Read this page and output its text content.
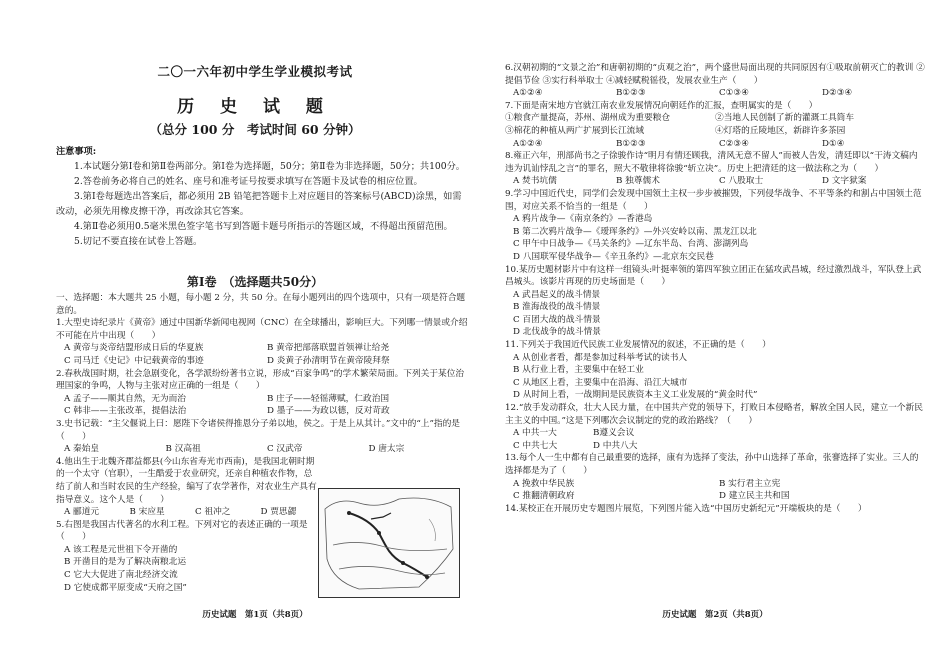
二〇一六年初中学生学业模拟考试
历 史 试 题
（总分 100 分　考试时间 60 分钟）
注意事项:

1.本试题分第Ⅰ卷和第Ⅱ卷两部分。第Ⅰ卷为选择题，50分；第Ⅱ卷为非选择题，50分；共100分。

2.答卷前务必将自己的姓名、座号和准考证号按要求填写在答题卡及试卷的相应位置。

3.第Ⅰ卷每题选出答案后，都必须用 2B 铅笔把答题卡上对应题目的答案标号(ABCD)涂黑，如需改动，必须先用橡皮擦干净，再改涂其它答案。

4.第Ⅱ卷必须用0.5毫米黑色签字笔书写到答题卡题号所指示的答题区域，不得超出预留范围。

5.切记不要直接在试卷上答题。

第Ⅰ卷　（选择题共50分）

一、选择题：本大题共 25 小题，每小题 2 分，共 50 分。在每小题列出的四个选项中，只有一项是符合题意的。

1.大型史诗纪录片《黄帝》通过中国新华新闻电视网（CNC）在全球播出，影响巨大。下列哪一情景或介绍不可能在片中出现（　　）

A 黄帝与炎帝结盟形成日后的华夏族	B 黄帝把部落联盟首领禅让给尧
C 司马迁《史记》中记载黄帝的事迹	D 炎黄子孙清明节在黄帝陵拜祭

2.春秋战国时期，社会急剧变化，各学派纷纷著书立说，形成“百家争鸣”的学术繁荣局面。下列关于某位治理国家的争鸣，人物与主张对应正确的一组是（　　）

A 孟子——顺其自然，无为而治	B 庄子——轻徭薄赋，仁政治国
C 韩非——主张改革，提倡法治	D 墨子——为政以德，反对苛政

3.史书记载：“主父偃说上曰：愿陛下令诸侯得推恩分子弟以地，侯之。于是上从其计。”文中的“上”指的是（　　）

A 秦始皇	B 汉高祖	C 汉武帝	D 唐太宗

4.他出生于北魏齐郡益都县(今山东省寿光市西南)，是我国北朝时期的一个太守（官职），一生酷爱于农业研究，还亲自种植农作物，总结了前人和当时农民的生产经验，编写了农学著作，对农业生产具有指导意义。这个人是（　　）

A 郦道元	B 宋应星	C 祖冲之	D 贾思勰

5.右图是我国古代著名的水利工程。下列对它的表述正确的一项是（　　）

A 该工程是元世祖下令开凿的
B 开凿目的是为了解决南粮北运
C 它大大促进了南北经济交流
D 它使成都平原变成“天府之国”
历史试题　第1页（共8页）

6.汉朝初期的“文景之治”和唐朝初期的“贞观之治”，两个盛世局面出现的共同原因有①吸取前朝灭亡的教训 ②提倡节俭 ③实行科举取士 ④减轻赋税徭役，发展农业生产（　　）

A①②④	B①②③	C①③④	D②③④

7.下面是南宋地方官就江南农业发展情况向朝廷作的汇报，查明属实的是（　　）

①粮食产量提高，苏州、湖州成为重要粮仓	②当地人民创制了新的灌溉工具筒车
③棉花的种植从两广扩展到长江流域	④灯塔的丘陵地区，新辟许多茶园
A①②④	B①②③	C②③④	D①④

8.雍正六年，刑部尚书之子徐骏作诗“明月有情还顾我，清风无意不留人”而被人告发，清廷即以“干涛文稿内违为讥讪悖乱之言”的罪名，照大不敬律将徐骏“斩立决”。历史上把清廷的这一做法称之为（　　）

A 焚书坑儒	B 独尊儒术	C 八股取士	D 文字狱案

9.学习中国近代史，同学们会发现中国领土主权一步步被摧毁，下列侵华战争、不平等条约和割占中国领土范围，对应关系不恰当的一组是（　　）

A 鸦片战争—《南京条约》—香港岛
B 第二次鸦片战争—《瑷珲条约》—外兴安岭以南、黑龙江以北
C 甲午中日战争—《马关条约》—辽东半岛、台湾、澎湖列岛
D 八国联军侵华战争—《辛丑条约》—北京东交民巷

10.某历史题材影片中有这样一组镜头:叶挺率领的第四军独立团正在猛攻武昌城，经过激烈战斗，军队登上武昌城头。该影片再现的历史场面是（　　）

A 武昌起义的战斗情景
B 淮海战役的战斗情景
C 百团大战的战斗情景
D 北伐战争的战斗情景

11.下列关于我国近代民族工业发展情况的叙述，不正确的是（　　）

A 从创业者看，都是参加过科举考试的读书人
B 从行业上看，主要集中在轻工业
C 从地区上看，主要集中在沿海、沿江大城市
D 从时间上看，一战期间是民族资本主义工业发展的“黄金时代”

12.“放手发动群众，壮大人民力量，在中国共产党的领导下，打败日本侵略者，解放全国人民，建立一个新民主主义的中国。”这是下列哪次会议制定的党的政治路线？（　　）

A 中共一大	B遵义会议
C 中共七大	D 中共八大

13.每个人一生中都有自己最重要的选择，康有为选择了变法，孙中山选择了革命，张謇选择了实业。三人的选择都是为了（　　）

A 挽救中华民族	B 实行君主立宪
C 推翻清朝政府	D 建立民主共和国

14.某校正在开展历史专题图片展览，下列图片能入选“中国历史新纪元”开端板块的是（　　）

历史试题　第2页（共8页）
